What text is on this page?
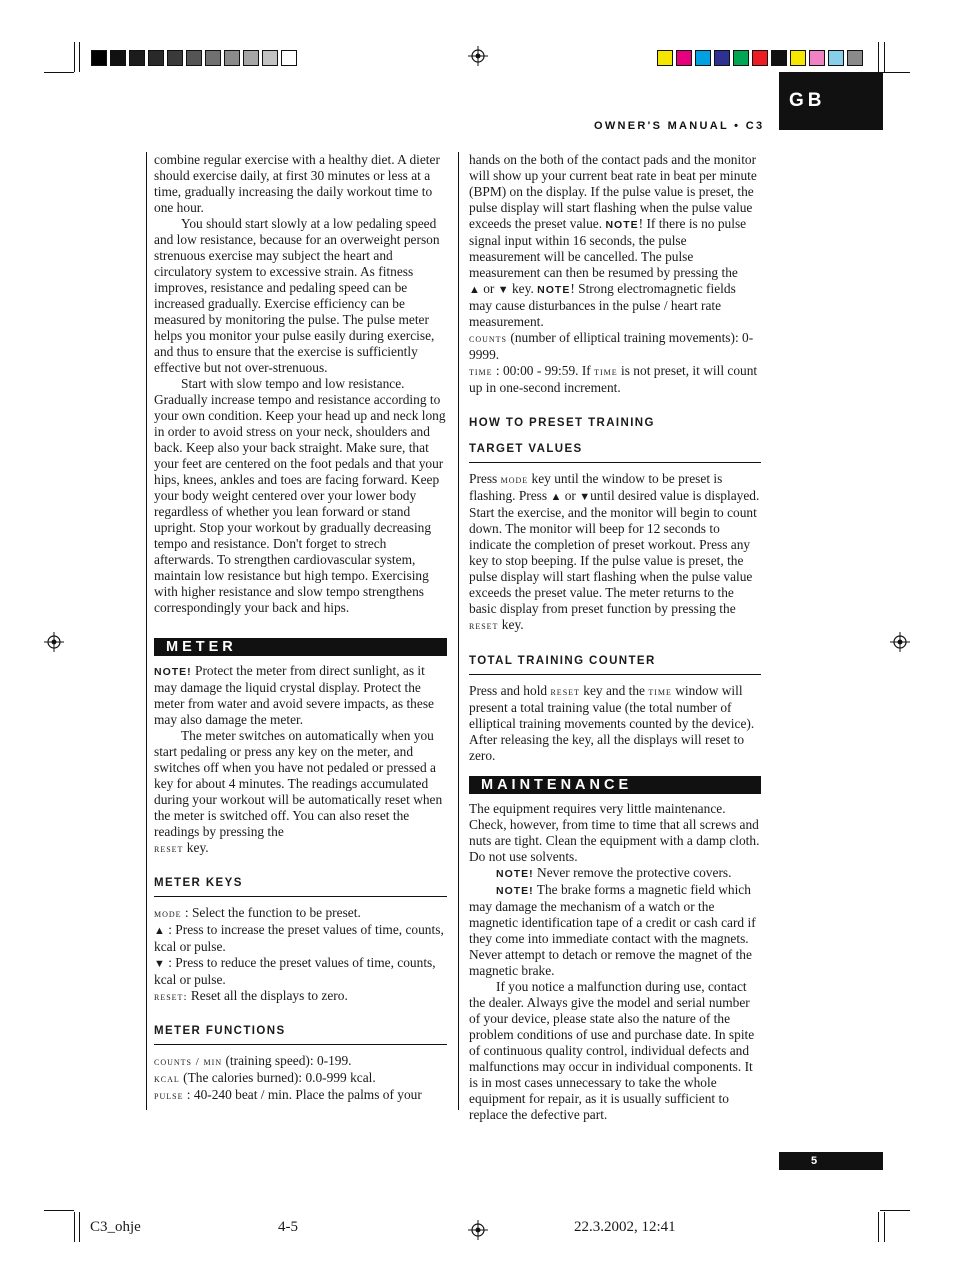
GB
OWNER'S MANUAL • C3

combine regular exercise with a healthy diet. A dieter should exercise daily, at first 30 minutes or less at a time, gradually increasing the daily workout time to one hour.

You should start slowly at a low pedaling speed and low resistance, because for an overweight person strenuous exercise may subject the heart and circulatory system to excessive strain. As fitness improves, resistance and pedaling speed can be increased gradually. Exercise efficiency can be measured by monitoring the pulse. The pulse meter helps you monitor your pulse easily during exercise, and thus to ensure that the exercise is sufficiently effective but not over-strenuous.

Start with slow tempo and low resistance. Gradually increase tempo and resistance according to your own condition. Keep your head up and neck long in order to avoid stress on your neck, shoulders and back. Keep also your back straight. Make sure, that your feet are centered on the foot pedals and that your hips, knees, ankles and toes are facing forward. Keep your body weight centered over your lower body regardless of whether you lean forward or stand upright. Stop your workout by gradually decreasing tempo and resistance. Don't forget to strech afterwards. To strengthen cardiovascular system, maintain low resistance but high tempo. Exercising with higher resistance and slow tempo strengthens correspondingly your back and hips.

METER

NOTE! Protect the meter from direct sunlight, as it may damage the liquid crystal display. Protect the meter from water and avoid severe impacts, as these may also damage the meter.

The meter switches on automatically when you start pedaling or press any key on the meter, and switches off when you have not pedaled or pressed a key for about 4 minutes. The readings accumulated during your workout will be automatically reset when the meter is switched off. You can also reset the readings by pressing the
reset key.

METER KEYS

mode : Select the function to be preset.

▲ : Press to increase the preset values of time, counts, kcal or pulse.

▼ : Press to reduce the preset values of time, counts, kcal or pulse.

reset: Reset all the displays to zero.

METER FUNCTIONS

counts / min (training speed): 0-199.

kcal (The calories burned): 0.0-999 kcal.

pulse : 40-240 beat / min. Place the palms of your

hands on the both of the contact pads and the monitor will show up your current beat rate in beat per minute (BPM) on the display. If the pulse value is preset, the pulse display will start flashing when the pulse value exceeds the preset value. NOTE! If there is no pulse signal input within 16 seconds, the pulse measurement will be cancelled. The pulse measurement can then be resumed by pressing the
▲ or ▼ key. NOTE! Strong electromagnetic fields may cause disturbances in the pulse / heart rate measurement.

counts (number of elliptical training movements): 0-9999.

time : 00:00 - 99:59. If time is not preset, it will count up in one-second increment.

HOW TO PRESET TRAINING
TARGET VALUES

Press mode key until the window to be preset is flashing. Press ▲ or ▼until desired value is displayed. Start the exercise, and the monitor will begin to count down. The monitor will beep for 12 seconds to indicate the completion of preset workout. Press any key to stop beeping. If the pulse value is preset, the pulse display will start flashing when the pulse value exceeds the preset value. The meter returns to the basic display from preset function by pressing the reset key.

TOTAL TRAINING COUNTER

Press and hold reset key and the time window will present a total training value (the total number of elliptical training movements counted by the device). After releasing the key, all the displays will reset to zero.

MAINTENANCE

The equipment requires very little maintenance. Check, however, from time to time that all screws and nuts are tight. Clean the equipment with a damp cloth. Do not use solvents.

NOTE! Never remove the protective covers.

NOTE! The brake forms a magnetic field which may damage the mechanism of a watch or the magnetic identification tape of a credit or cash card if they come into immediate contact with the magnets. Never attempt to detach or remove the magnet of the magnetic brake.

If you notice a malfunction during use, contact the dealer. Always give the model and serial number of your device, please state also the nature of the problem conditions of use and purchase date. In spite of continuous quality control, individual defects and malfunctions may occur in individual components. It is in most cases unnecessary to take the whole equipment for repair, as it is usually sufficient to replace the defective part.

5
C3_ohje	4-5	22.3.2002, 12:41
